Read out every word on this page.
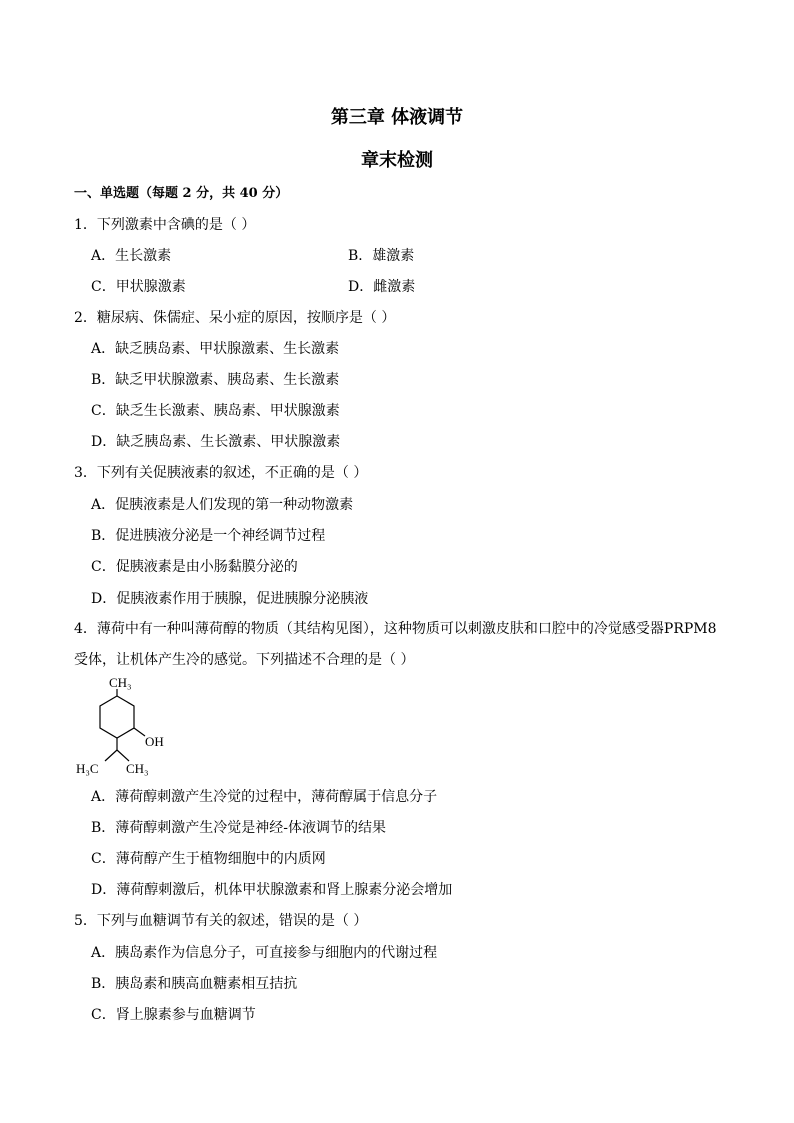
第三章 体液调节
章末检测
一、单选题（每题 2 分，共 40 分）
1．下列激素中含碘的是（ ）
A．生长激素	B．雄激素
C．甲状腺激素	D．雌激素
2．糖尿病、侏儒症、呆小症的原因，按顺序是（ ）
A．缺乏胰岛素、甲状腺激素、生长激素
B．缺乏甲状腺激素、胰岛素、生长激素
C．缺乏生长激素、胰岛素、甲状腺激素
D．缺乏胰岛素、生长激素、甲状腺激素
3．下列有关促胰液素的叙述，不正确的是（ ）
A．促胰液素是人们发现的第一种动物激素
B．促进胰液分泌是一个神经调节过程
C．促胰液素是由小肠黏膜分泌的
D．促胰液素作用于胰腺，促进胰腺分泌胰液
4．薄荷中有一种叫薄荷醇的物质（其结构见图），这种物质可以刺激皮肤和口腔中的冷觉感受器PRPM8 受体，让机体产生冷的感觉。下列描述不合理的是（ ）
CH₃
OH
H₃C CH₃
A．薄荷醇刺激产生冷觉的过程中，薄荷醇属于信息分子
B．薄荷醇刺激产生冷觉是神经-体液调节的结果
C．薄荷醇产生于植物细胞中的内质网
D．薄荷醇刺激后，机体甲状腺激素和肾上腺素分泌会增加
5．下列与血糖调节有关的叙述，错误的是（ ）
A．胰岛素作为信息分子，可直接参与细胞内的代谢过程
B．胰岛素和胰高血糖素相互拮抗
C．肾上腺素参与血糖调节
